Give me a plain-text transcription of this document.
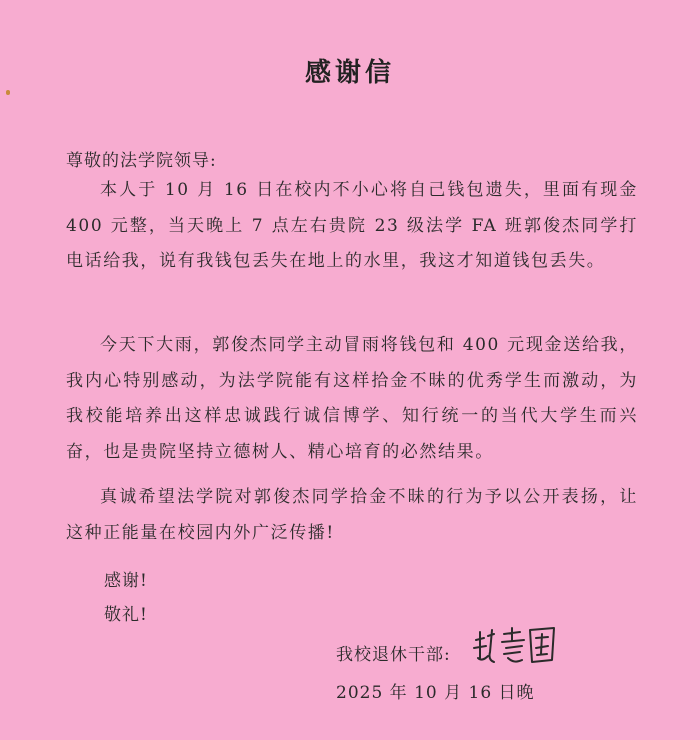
感谢信
尊敬的法学院领导:
本人于 10 月 16 日在校内不小心将自己钱包遗失，里面有现金 400 元整，当天晚上 7 点左右贵院 23 级法学 FA 班郭俊杰同学打电话给我，说有我钱包丢失在地上的水里，我这才知道钱包丢失。
今天下大雨，郭俊杰同学主动冒雨将钱包和 400 元现金送给我，我内心特别感动，为法学院能有这样拾金不昧的优秀学生而激动，为我校能培养出这样忠诚践行诚信博学、知行统一的当代大学生而兴奋，也是贵院坚持立德树人、精心培育的必然结果。
真诚希望法学院对郭俊杰同学拾金不昧的行为予以公开表扬，让这种正能量在校园内外广泛传播!
感谢!
敬礼!
我校退休干部:
2025 年 10 月 16 日晚
